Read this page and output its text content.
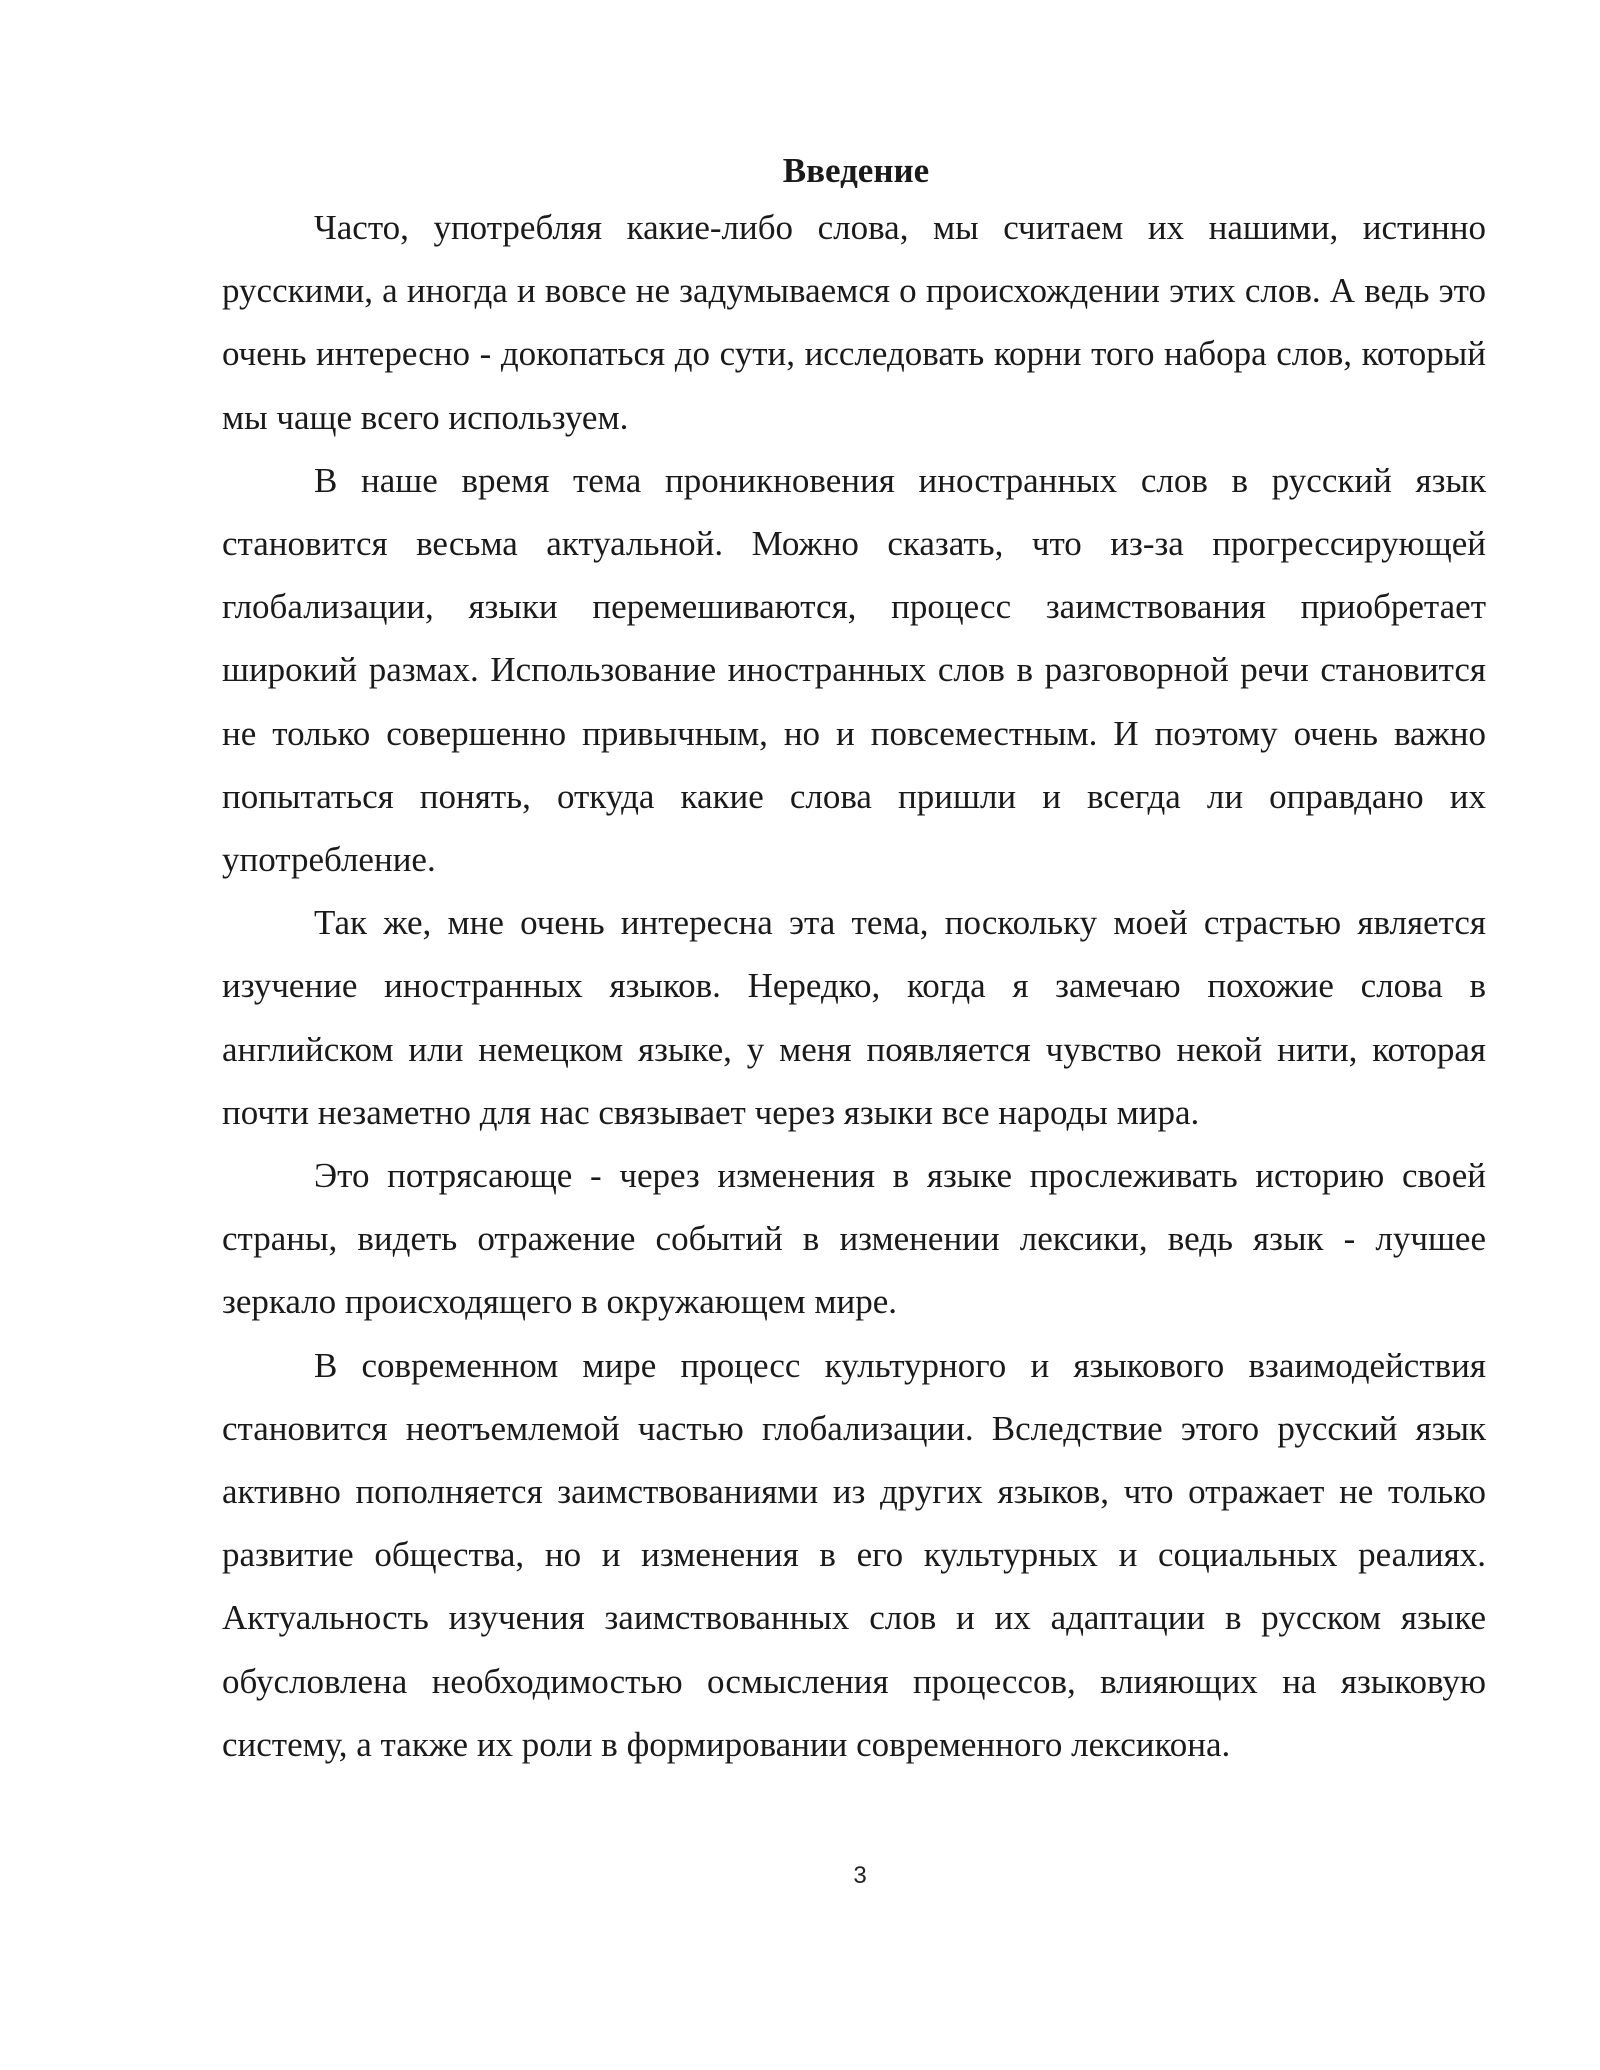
Введение

Часто, употребляя какие-либо слова, мы считаем их нашими, истинно русскими, а иногда и вовсе не задумываемся о происхождении этих слов. А ведь это очень интересно - докопаться до сути, исследовать корни того набора слов, который мы чаще всего используем.

В наше время тема проникновения иностранных слов в русский язык становится весьма актуальной. Можно сказать, что из-за прогрессирующей глобализации, языки перемешиваются, процесс заимствования приобретает широкий размах. Использование иностранных слов в разговорной речи становится не только совершенно привычным, но и повсеместным. И поэтому очень важно попытаться понять, откуда какие слова пришли и всегда ли оправдано их употребление.

Так же, мне очень интересна эта тема, поскольку моей страстью является изучение иностранных языков. Нередко, когда я замечаю похожие слова в английском или немецком языке, у меня появляется чувство некой нити, которая почти незаметно для нас связывает через языки все народы мира.

Это потрясающе - через изменения в языке прослеживать историю своей страны, видеть отражение событий в изменении лексики, ведь язык - лучшее зеркало происходящего в окружающем мире.

В современном мире процесс культурного и языкового взаимодействия становится неотъемлемой частью глобализации. Вследствие этого русский язык активно пополняется заимствованиями из других языков, что отражает не только развитие общества, но и изменения в его культурных и социальных реалиях. Актуальность изучения заимствованных слов и их адаптации в русском языке обусловлена необходимостью осмысления процессов, влияющих на языковую систему, а также их роли в формировании современного лексикона.

3
